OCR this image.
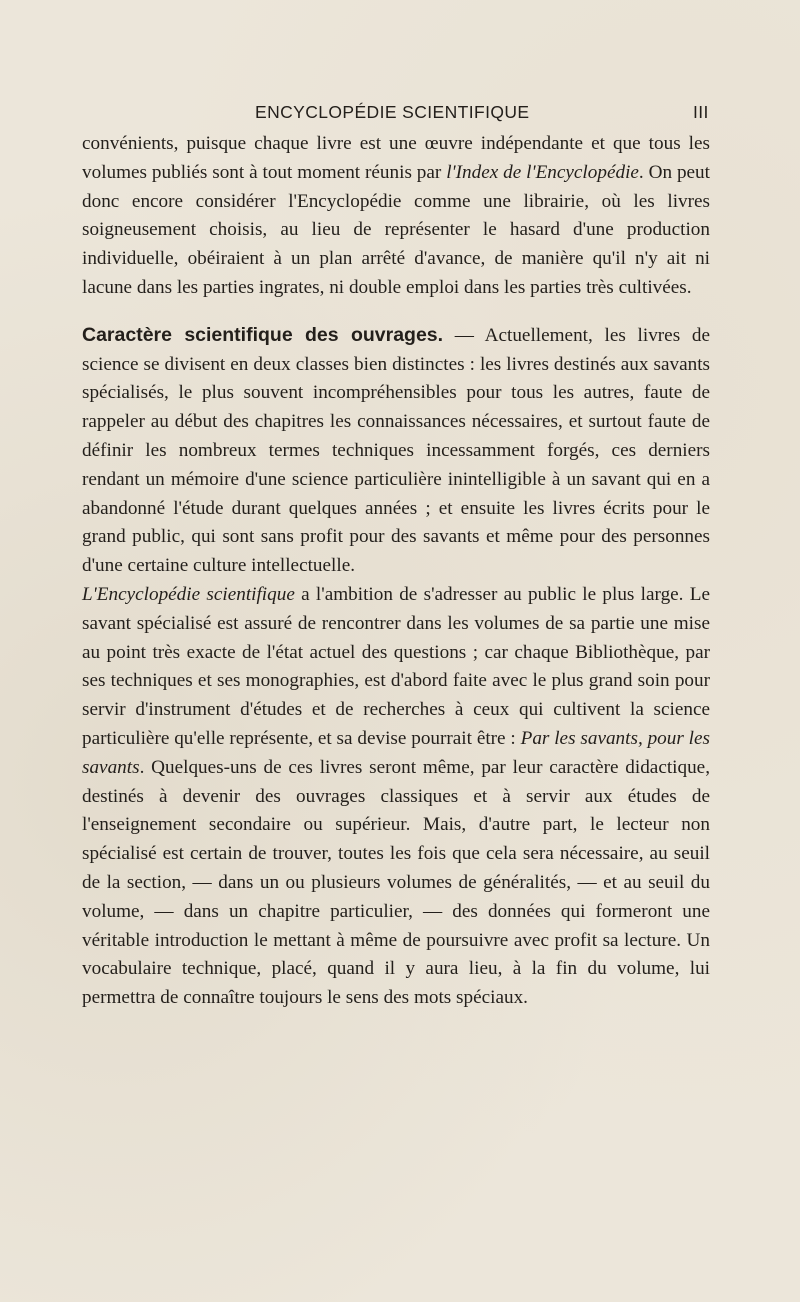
ENCYCLOPÉDIE SCIENTIFIQUE	III

convénients, puisque chaque livre est une œuvre indépendante et que tous les volumes publiés sont à tout moment réunis par l'Index de l'Encyclopédie. On peut donc encore considérer l'Encyclopédie comme une librairie, où les livres soigneusement choisis, au lieu de représenter le hasard d'une production individuelle, obéiraient à un plan arrêté d'avance, de manière qu'il n'y ait ni lacune dans les parties ingrates, ni double emploi dans les parties très cultivées.

Caractère scientifique des ouvrages. — Actuellement, les livres de science se divisent en deux classes bien distinctes : les livres destinés aux savants spécialisés, le plus souvent incompréhensibles pour tous les autres, faute de rappeler au début des chapitres les connaissances nécessaires, et surtout faute de définir les nombreux termes techniques incessamment forgés, ces derniers rendant un mémoire d'une science particulière inintelligible à un savant qui en a abandonné l'étude durant quelques années ; et ensuite les livres écrits pour le grand public, qui sont sans profit pour des savants et même pour des personnes d'une certaine culture intellectuelle.

L'Encyclopédie scientifique a l'ambition de s'adresser au public le plus large. Le savant spécialisé est assuré de rencontrer dans les volumes de sa partie une mise au point très exacte de l'état actuel des questions ; car chaque Bibliothèque, par ses techniques et ses monographies, est d'abord faite avec le plus grand soin pour servir d'instrument d'études et de recherches à ceux qui cultivent la science particulière qu'elle représente, et sa devise pourrait être : Par les savants, pour les savants. Quelques-uns de ces livres seront même, par leur caractère didactique, destinés à devenir des ouvrages classiques et à servir aux études de l'enseignement secondaire ou supérieur. Mais, d'autre part, le lecteur non spécialisé est certain de trouver, toutes les fois que cela sera nécessaire, au seuil de la section, — dans un ou plusieurs volumes de généralités, — et au seuil du volume, — dans un chapitre particulier, — des données qui formeront une véritable introduction le mettant à même de poursuivre avec profit sa lecture. Un vocabulaire technique, placé, quand il y aura lieu, à la fin du volume, lui permettra de connaître toujours le sens des mots spéciaux.
